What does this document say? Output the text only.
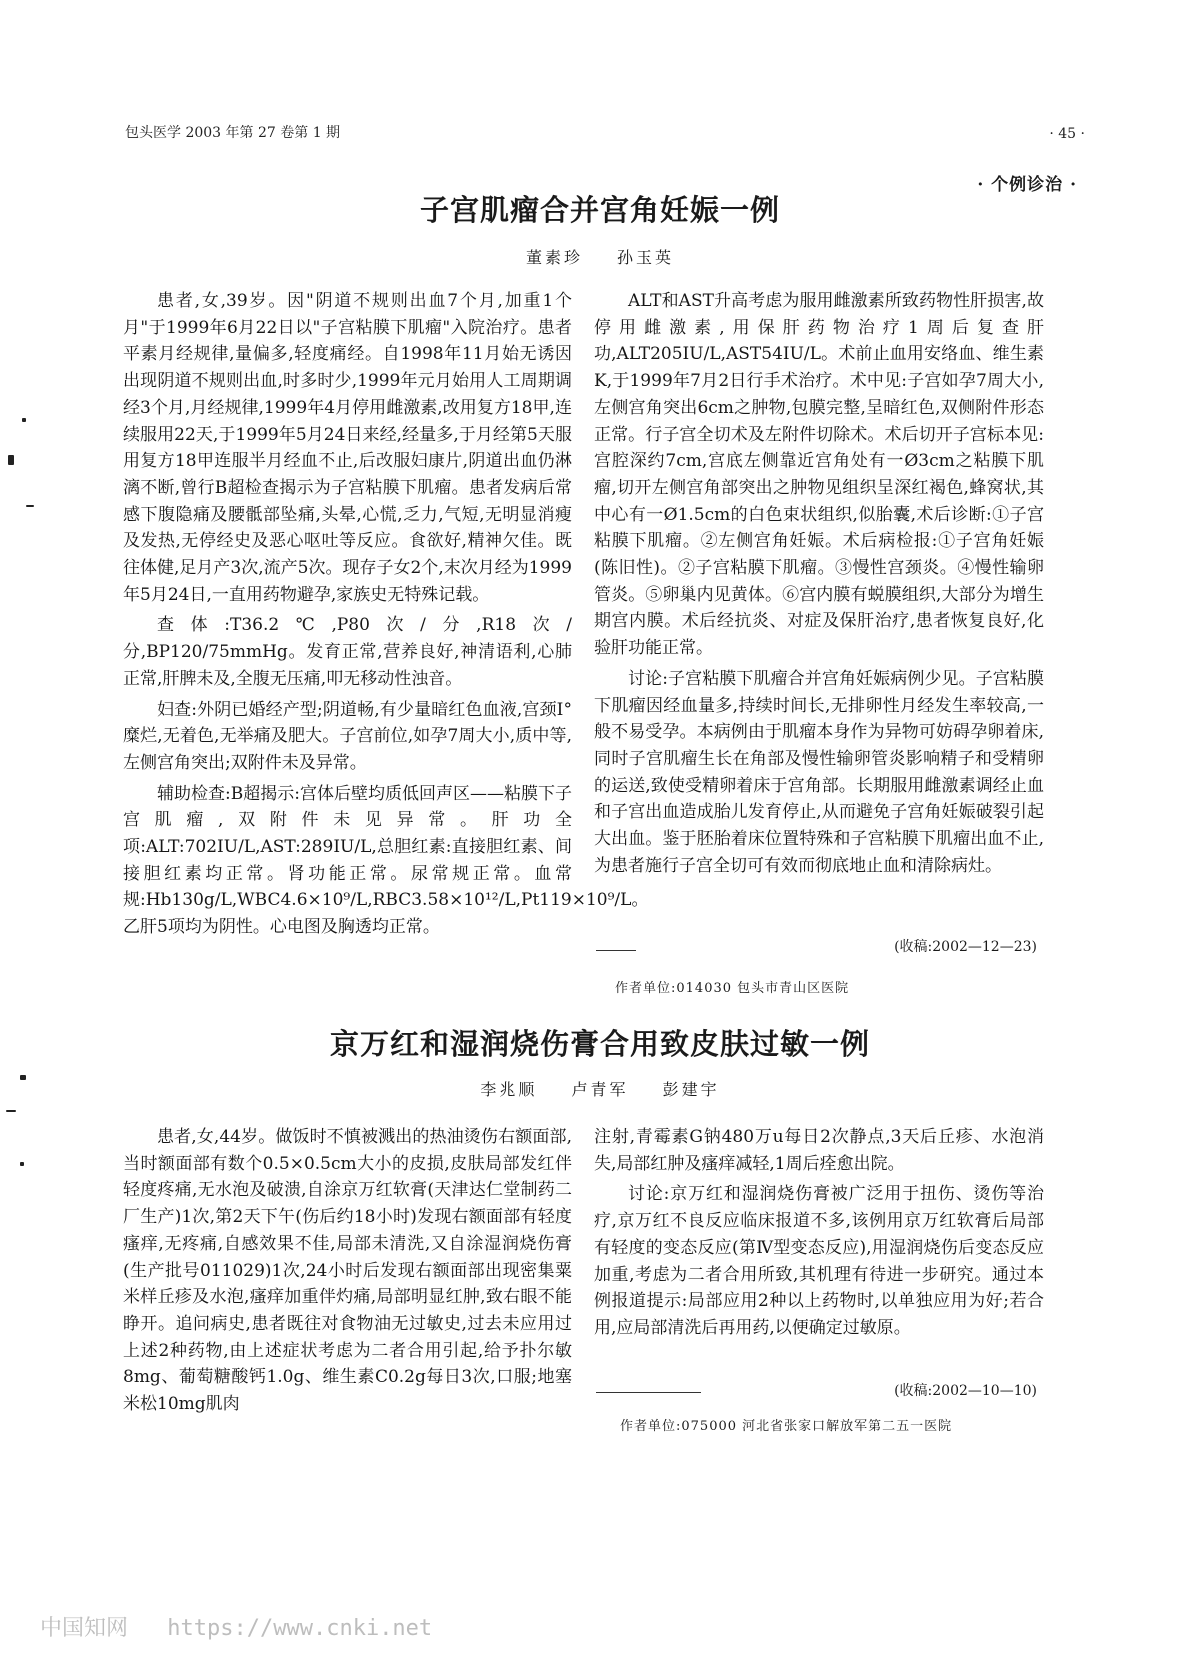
包头医学 2003 年第 27 卷第 1 期	· 45 ·
· 个例诊治 ·
子宫肌瘤合并宫角妊娠一例
董素珍 孙玉英

患者,女,39岁。因"阴道不规则出血7个月,加重1个月"于1999年6月22日以"子宫粘膜下肌瘤"入院治疗。患者平素月经规律,量偏多,轻度痛经。自1998年11月始无诱因出现阴道不规则出血,时多时少,1999年元月始用人工周期调经3个月,月经规律,1999年4月停用雌激素,改用复方18甲,连续服用22天,于1999年5月24日来经,经量多,于月经第5天服用复方18甲连服半月经血不止,后改服妇康片,阴道出血仍淋漓不断,曾行B超检查揭示为子宫粘膜下肌瘤。患者发病后常感下腹隐痛及腰骶部坠痛,头晕,心慌,乏力,气短,无明显消瘦及发热,无停经史及恶心呕吐等反应。食欲好,精神欠佳。既往体健,足月产3次,流产5次。现存子女2个,末次月经为1999年5月24日,一直用药物避孕,家族史无特殊记载。

查体:T36.2℃,P80次/分,R18次/分,BP120/75mmHg。发育正常,营养良好,神清语利,心肺正常,肝脾未及,全腹无压痛,叩无移动性浊音。

妇查:外阴已婚经产型;阴道畅,有少量暗红色血液,宫颈Ⅰ°糜烂,无着色,无举痛及肥大。子宫前位,如孕7周大小,质中等,左侧宫角突出;双附件未及异常。

辅助检查:B超揭示:宫体后壁均质低回声区——粘膜下子宫肌瘤,双附件未见异常。肝功全项:ALT:702IU/L,AST:289IU/L,总胆红素:直接胆红素、间接胆红素均正常。肾功能正常。尿常规正常。血常规:Hb130g/L,WBC4.6×10⁹/L,RBC3.58×10¹²/L,Pt119×10⁹/L。乙肝5项均为阴性。心电图及胸透均正常。

ALT和AST升高考虑为服用雌激素所致药物性肝损害,故停用雌激素,用保肝药物治疗1周后复查肝功,ALT205IU/L,AST54IU/L。术前止血用安络血、维生素K,于1999年7月2日行手术治疗。术中见:子宫如孕7周大小,左侧宫角突出6cm之肿物,包膜完整,呈暗红色,双侧附件形态正常。行子宫全切术及左附件切除术。术后切开子宫标本见:宫腔深约7cm,宫底左侧靠近宫角处有一Ø3cm之粘膜下肌瘤,切开左侧宫角部突出之肿物见组织呈深红褐色,蜂窝状,其中心有一Ø1.5cm的白色束状组织,似胎囊,术后诊断:①子宫粘膜下肌瘤。②左侧宫角妊娠。术后病检报:①子宫角妊娠(陈旧性)。②子宫粘膜下肌瘤。③慢性宫颈炎。④慢性输卵管炎。⑤卵巢内见黄体。⑥宫内膜有蜕膜组织,大部分为增生期宫内膜。术后经抗炎、对症及保肝治疗,患者恢复良好,化验肝功能正常。

讨论:子宫粘膜下肌瘤合并宫角妊娠病例少见。子宫粘膜下肌瘤因经血量多,持续时间长,无排卵性月经发生率较高,一般不易受孕。本病例由于肌瘤本身作为异物可妨碍孕卵着床,同时子宫肌瘤生长在角部及慢性输卵管炎影响精子和受精卵的运送,致使受精卵着床于宫角部。长期服用雌激素调经止血和子宫出血造成胎儿发育停止,从而避免子宫角妊娠破裂引起大出血。鉴于胚胎着床位置特殊和子宫粘膜下肌瘤出血不止,为患者施行子宫全切可有效而彻底地止血和清除病灶。

(收稿:2002—12—23)
作者单位:014030 包头市青山区医院
京万红和湿润烧伤膏合用致皮肤过敏一例
李兆顺 卢青军 彭建宇

患者,女,44岁。做饭时不慎被溅出的热油烫伤右额面部,当时额面部有数个0.5×0.5cm大小的皮损,皮肤局部发红伴轻度疼痛,无水泡及破溃,自涂京万红软膏(天津达仁堂制药二厂生产)1次,第2天下午(伤后约18小时)发现右额面部有轻度瘙痒,无疼痛,自感效果不佳,局部未清洗,又自涂湿润烧伤膏(生产批号011029)1次,24小时后发现右额面部出现密集粟米样丘疹及水泡,瘙痒加重伴灼痛,局部明显红肿,致右眼不能睁开。追问病史,患者既往对食物油无过敏史,过去未应用过上述2种药物,由上述症状考虑为二者合用引起,给予扑尔敏8mg、葡萄糖酸钙1.0g、维生素C0.2g每日3次,口服;地塞米松10mg肌肉

注射,青霉素G钠480万u每日2次静点,3天后丘疹、水泡消失,局部红肿及瘙痒减轻,1周后痊愈出院。

讨论:京万红和湿润烧伤膏被广泛用于扭伤、烫伤等治疗,京万红不良反应临床报道不多,该例用京万红软膏后局部有轻度的变态反应(第Ⅳ型变态反应),用湿润烧伤后变态反应加重,考虑为二者合用所致,其机理有待进一步研究。通过本例报道提示:局部应用2种以上药物时,以单独应用为好;若合用,应局部清洗后再用药,以便确定过敏原。

(收稿:2002—10—10)
作者单位:075000 河北省张家口解放军第二五一医院
中国知网 https://www.cnki.net
